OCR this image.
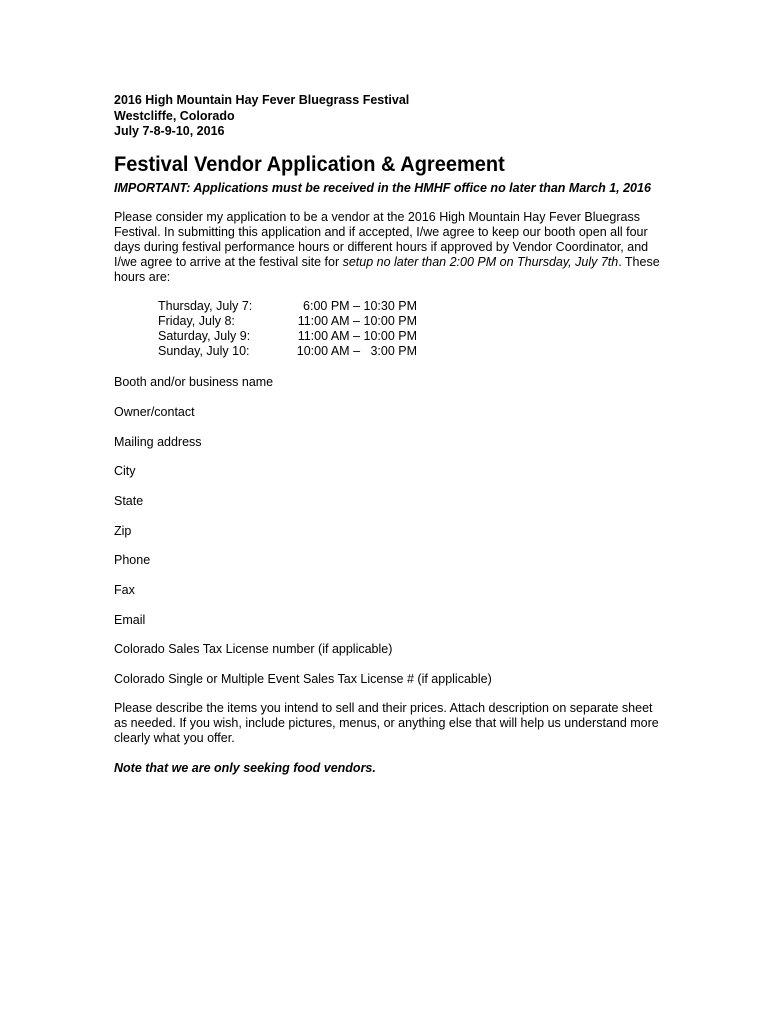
2016 High Mountain Hay Fever Bluegrass Festival

Westcliffe, Colorado

July 7-8-9-10, 2016

Festival Vendor Application & Agreement

IMPORTANT: Applications must be received in the HMHF office no later than March 1, 2016

Please consider my application to be a vendor at the 2016 High Mountain Hay Fever Bluegrass Festival. In submitting this application and if accepted, I/we agree to keep our booth open all four days during festival performance hours or different hours if approved by Vendor Coordinator, and I/we agree to arrive at the festival site for setup no later than 2:00 PM on Thursday, July 7th. These hours are:

Thursday, July 7:	6:00 PM – 10:30 PM
Friday, July 8:	11:00 AM – 10:00 PM
Saturday, July 9:	11:00 AM – 10:00 PM
Sunday, July 10:	10:00 AM –   3:00 PM

Booth and/or business name

Owner/contact

Mailing address

City

State

Zip

Phone

Fax

Email

Colorado Sales Tax License number (if applicable)

Colorado Single or Multiple Event Sales Tax License # (if applicable)

Please describe the items you intend to sell and their prices. Attach description on separate sheet as needed. If you wish, include pictures, menus, or anything else that will help us understand more clearly what you offer.

Note that we are only seeking food vendors.
